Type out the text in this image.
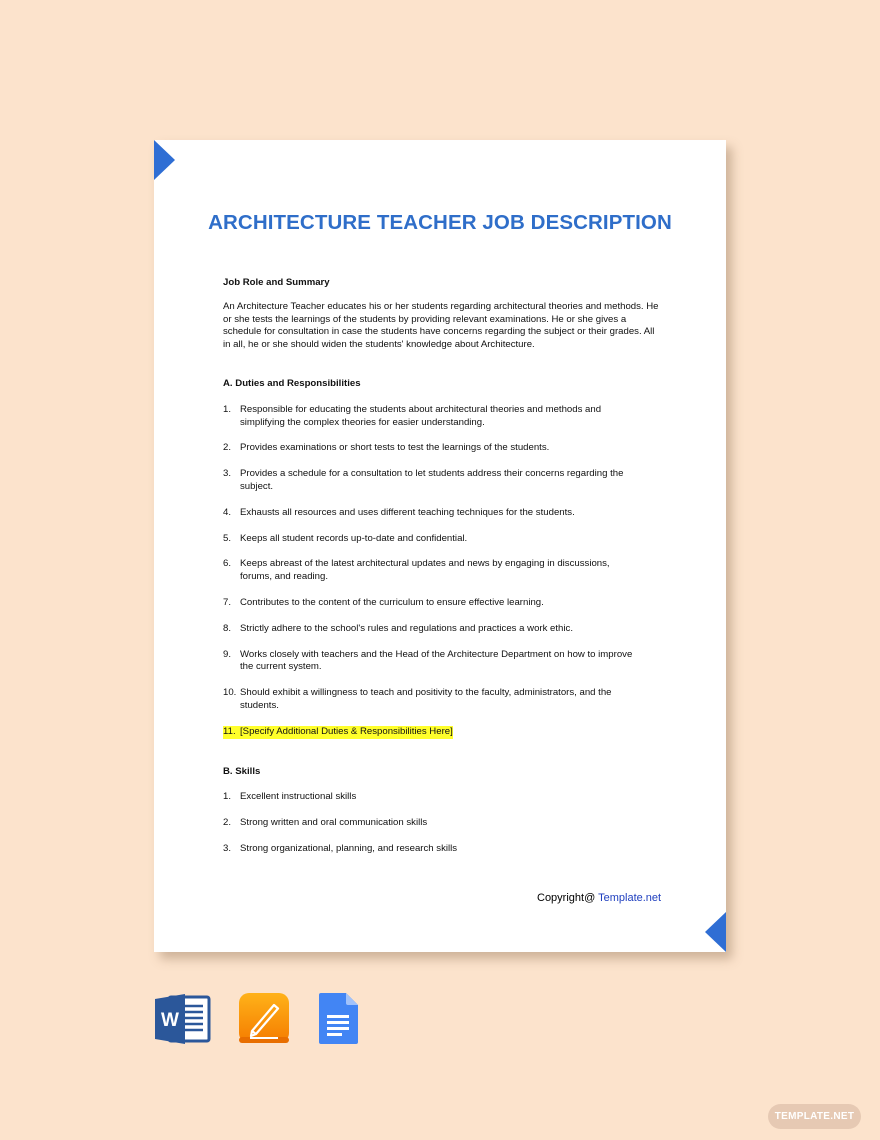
ARCHITECTURE TEACHER JOB DESCRIPTION

Job Role and Summary

An Architecture Teacher educates his or her students regarding architectural theories and methods. He or she tests the learnings of the students by providing relevant examinations. He or she gives a schedule for consultation in case the students have concerns regarding the subject or their grades. All in all, he or she should widen the students' knowledge about Architecture.

A. Duties and Responsibilities

1. Responsible for educating the students about architectural theories and methods and simplifying the complex theories for easier understanding.
2. Provides examinations or short tests to test the learnings of the students.
3. Provides a schedule for a consultation to let students address their concerns regarding the subject.
4. Exhausts all resources and uses different teaching techniques for the students.
5. Keeps all student records up-to-date and confidential.
6. Keeps abreast of the latest architectural updates and news by engaging in discussions, forums, and reading.
7. Contributes to the content of the curriculum to ensure effective learning.
8. Strictly adhere to the school's rules and regulations and practices a work ethic.
9. Works closely with teachers and the Head of the Architecture Department on how to improve the current system.
10. Should exhibit a willingness to teach and positivity to the faculty, administrators, and the students.
11. [Specify Additional Duties & Responsibilities Here]

B. Skills

1. Excellent instructional skills
2. Strong written and oral communication skills
3. Strong organizational, planning, and research skills
Copyright@ Template.net
W
TEMPLATE.NET
